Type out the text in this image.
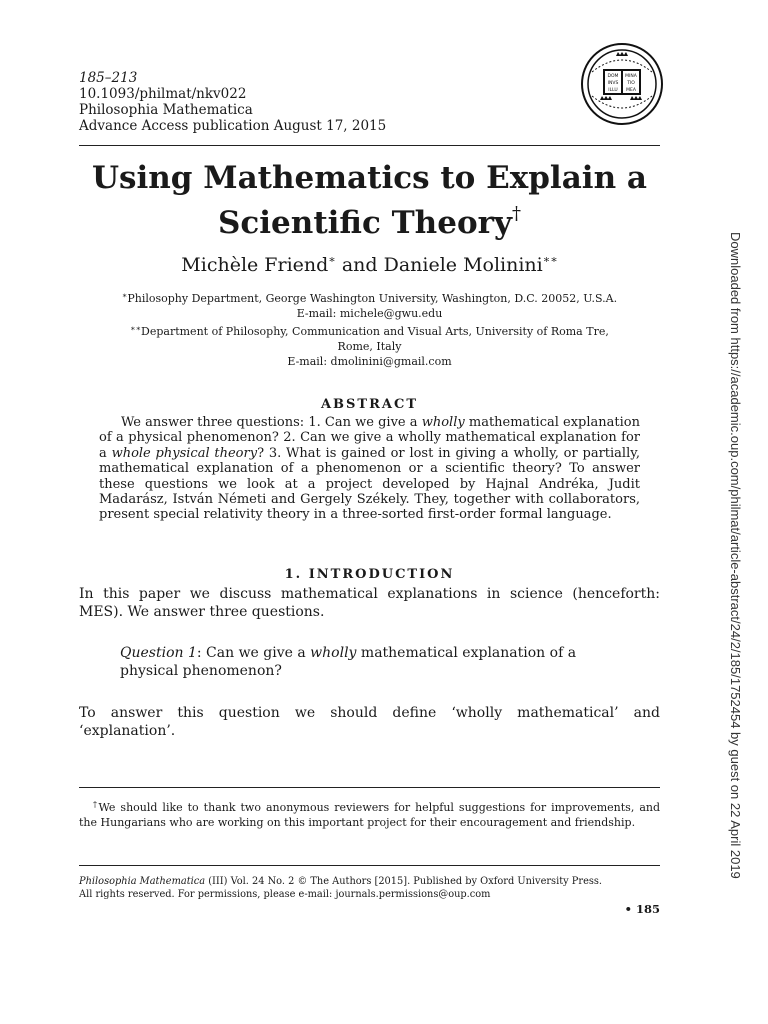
185–213
10.1093/philmat/nkv022
Philosophia Mathematica
Advance Access publication August 17, 2015
DOM
INVS
ILLU
MINA
TIO
MEA
Using Mathematics to Explain a
Scientific Theory†
Michèle Friend∗ and Daniele Molinini∗∗
∗Philosophy Department, George Washington University, Washington, D.C. 20052, U.S.A.
E-mail: michele@gwu.edu
∗∗Department of Philosophy, Communication and Visual Arts, University of Roma Tre,
Rome, Italy
E-mail: dmolinini@gmail.com
ABSTRACT
We answer three questions: 1. Can we give a wholly mathematical explanation of a physical phenomenon? 2. Can we give a wholly mathematical explanation for a whole physical theory? 3. What is gained or lost in giving a wholly, or partially, mathematical explanation of a phenomenon or a scientific theory? To answer these questions we look at a project developed by Hajnal Andréka, Judit Madarász, István Németi and Gergely Székely. They, together with collaborators, present special relativity theory in a three-sorted first-order formal language.
1. INTRODUCTION
In this paper we discuss mathematical explanations in science (henceforth: MES). We answer three questions.
Question 1: Can we give a wholly mathematical explanation of a physical phenomenon?
To answer this question we should define ‘wholly mathematical’ and ‘explanation’.
†We should like to thank two anonymous reviewers for helpful suggestions for improvements, and the Hungarians who are working on this important project for their encouragement and friendship.
Philosophia Mathematica (III) Vol. 24 No. 2 © The Authors [2015]. Published by Oxford University Press.
All rights reserved. For permissions, please e-mail: journals.permissions@oup.com
• 185
Downloaded from https://academic.oup.com/philmat/article-abstract/24/2/185/1752454 by guest on 22 April 2019
